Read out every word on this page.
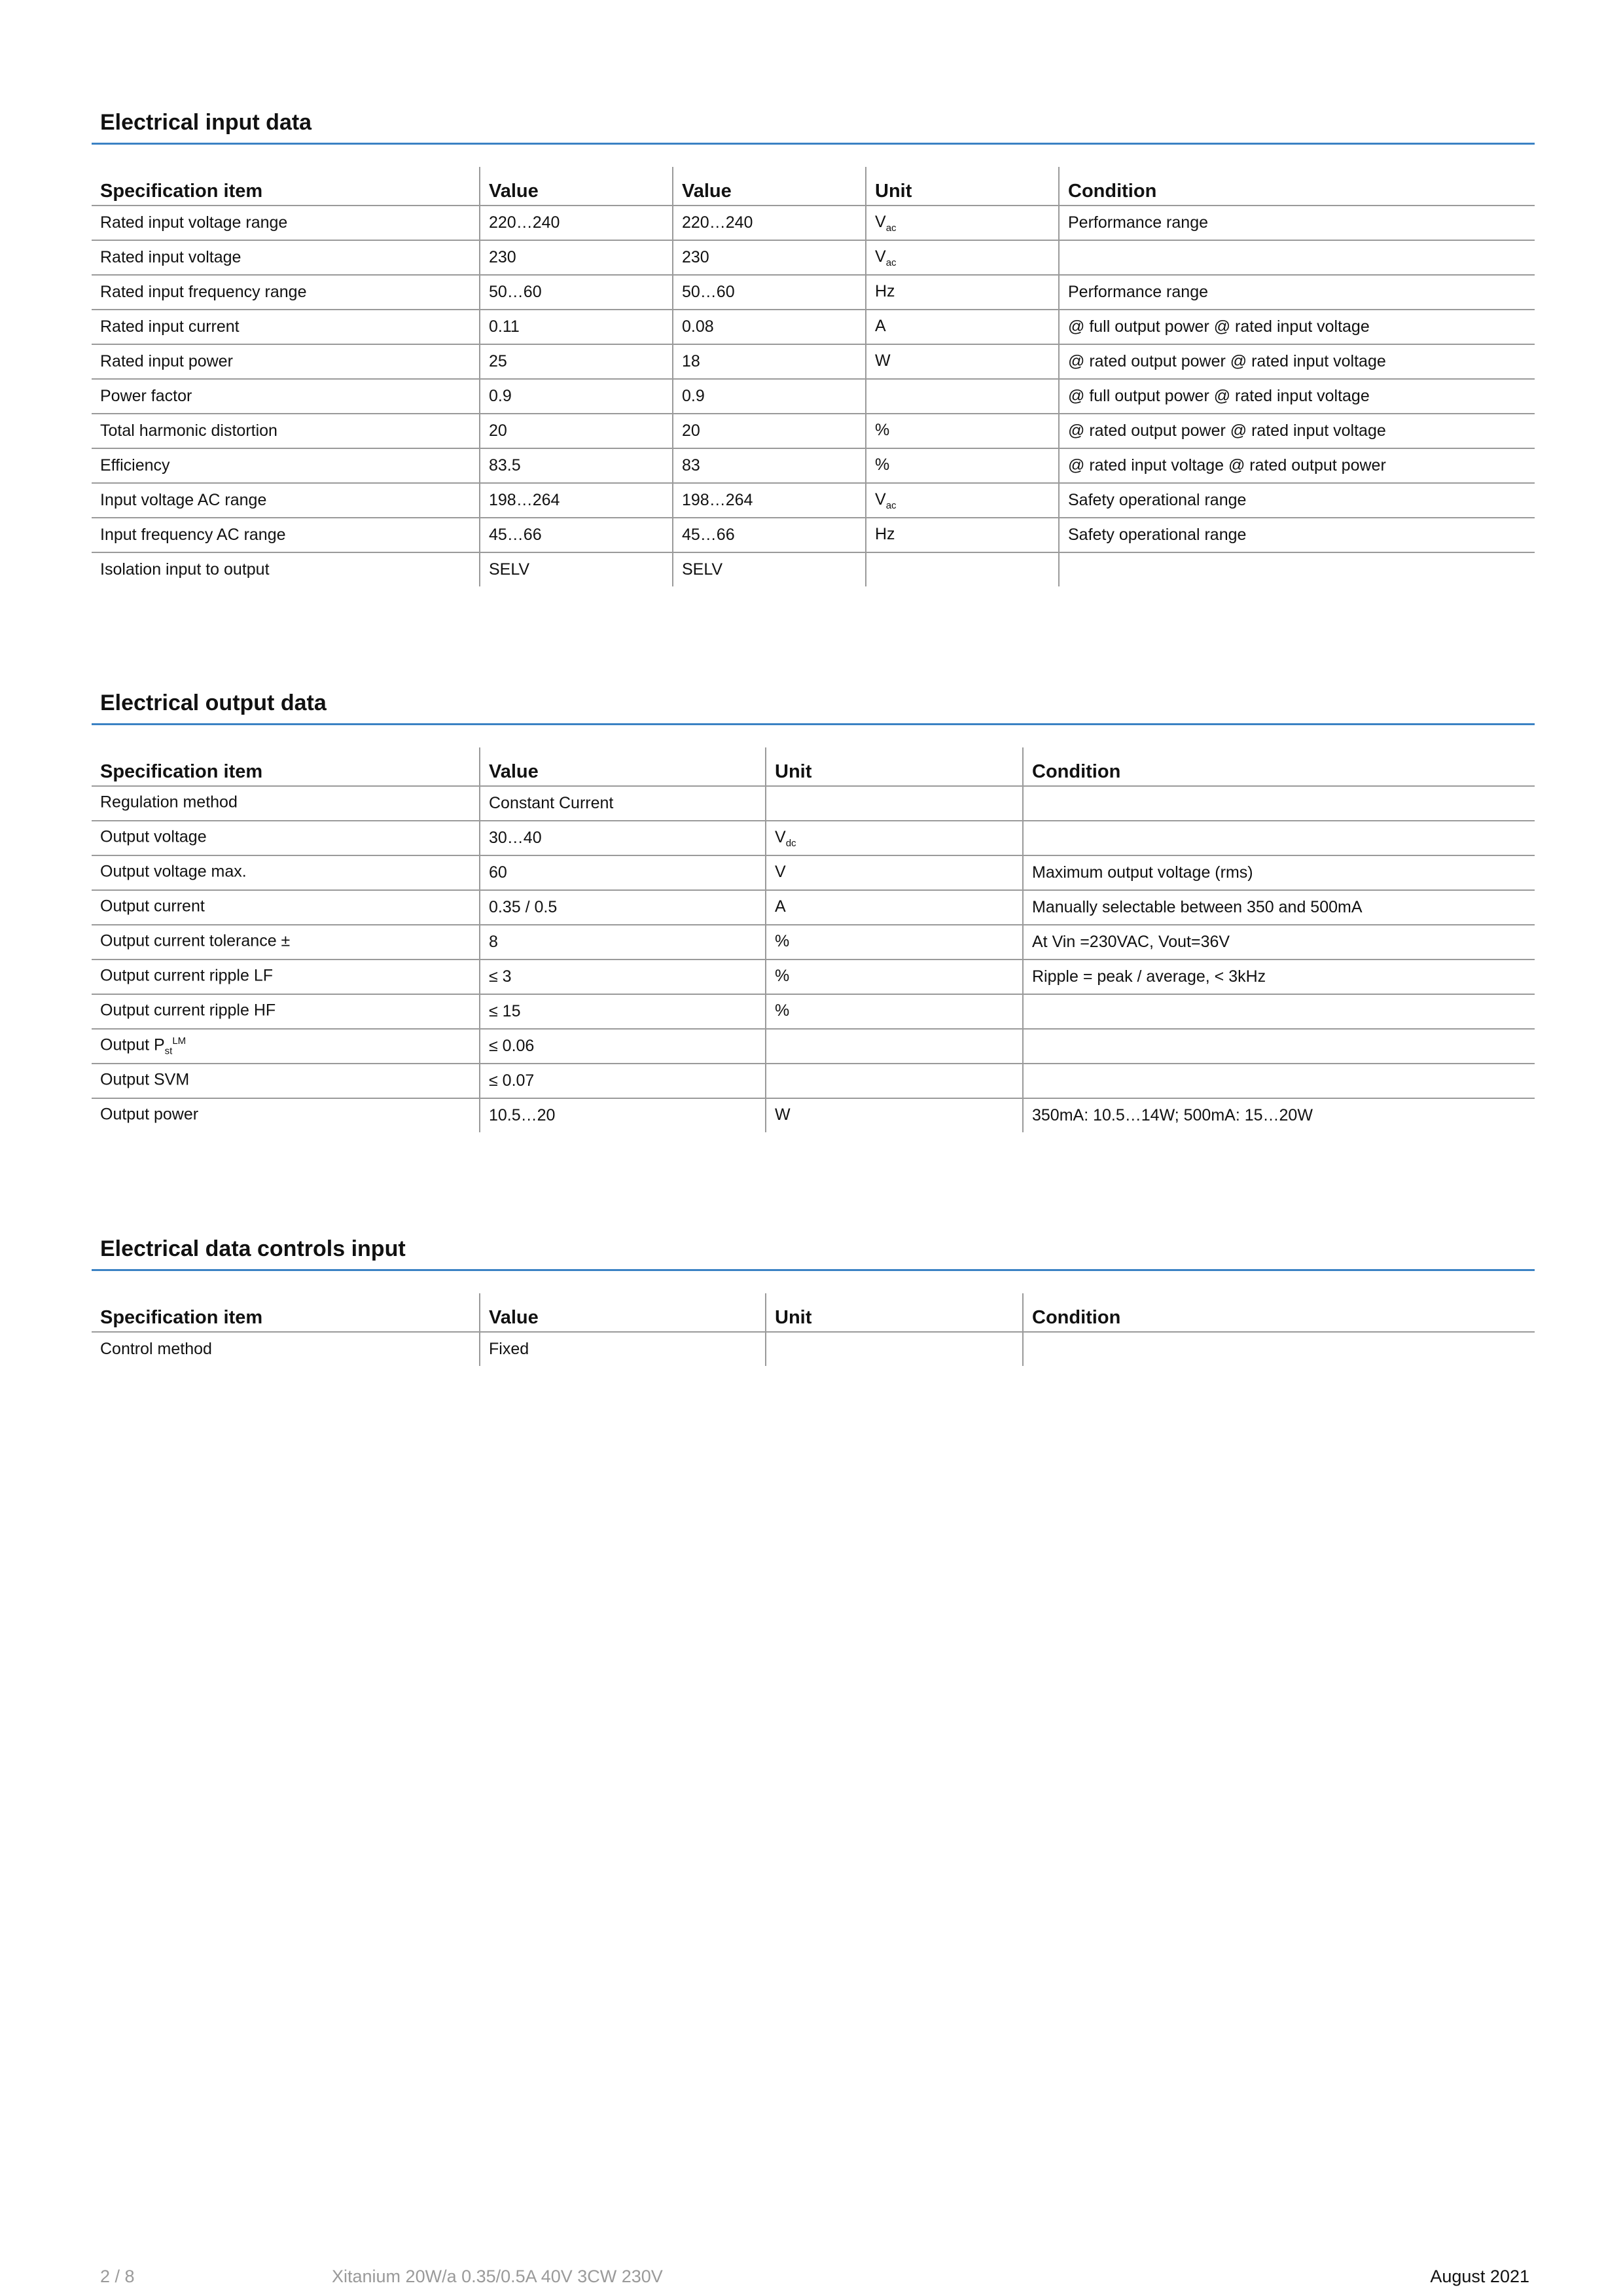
Electrical input data
Specification item	Value	Value	Unit	Condition
Rated input voltage range	220…240	220…240	$V_{ac}$	Performance range
Rated input voltage	230	230	$V_{ac}$	
Rated input frequency range	50…60	50…60	Hz	Performance range
Rated input current	0.11	0.08	A	@ full output power @ rated input voltage
Rated input power	25	18	W	@ rated output power @ rated input voltage
Power factor	0.9	0.9		@ full output power @ rated input voltage
Total harmonic distortion	20	20	%	@ rated output power @ rated input voltage
Efficiency	83.5	83	%	@ rated input voltage @ rated output power
Input voltage AC range	198…264	198…264	$V_{ac}$	Safety operational range
Input frequency AC range	45…66	45…66	Hz	Safety operational range
Isolation input to output	SELV	SELV		
Electrical output data
Specification item	Value	Unit	Condition
Regulation method	Constant Current		
Output voltage	30…40	$V_{dc}$	
Output voltage max.	60	V	Maximum output voltage (rms)
Output current	0.35 / 0.5	A	Manually selectable between 350 and 500mA
Output current tolerance ±	8	%	At Vin =230VAC, Vout=36V
Output current ripple LF	≤ 3	%	Ripple = peak / average, < 3kHz
Output current ripple HF	≤ 15	%	
Output $P_{st}^{LM}$	≤ 0.06		
Output SVM	≤ 0.07		
Output power	10.5…20	W	350mA: 10.5…14W; 500mA: 15…20W
Electrical data controls input
Specification item	Value	Unit	Condition
Control method	Fixed		
2 / 8	Xitanium 20W/a 0.35/0.5A 40V 3CW 230V	August 2021
